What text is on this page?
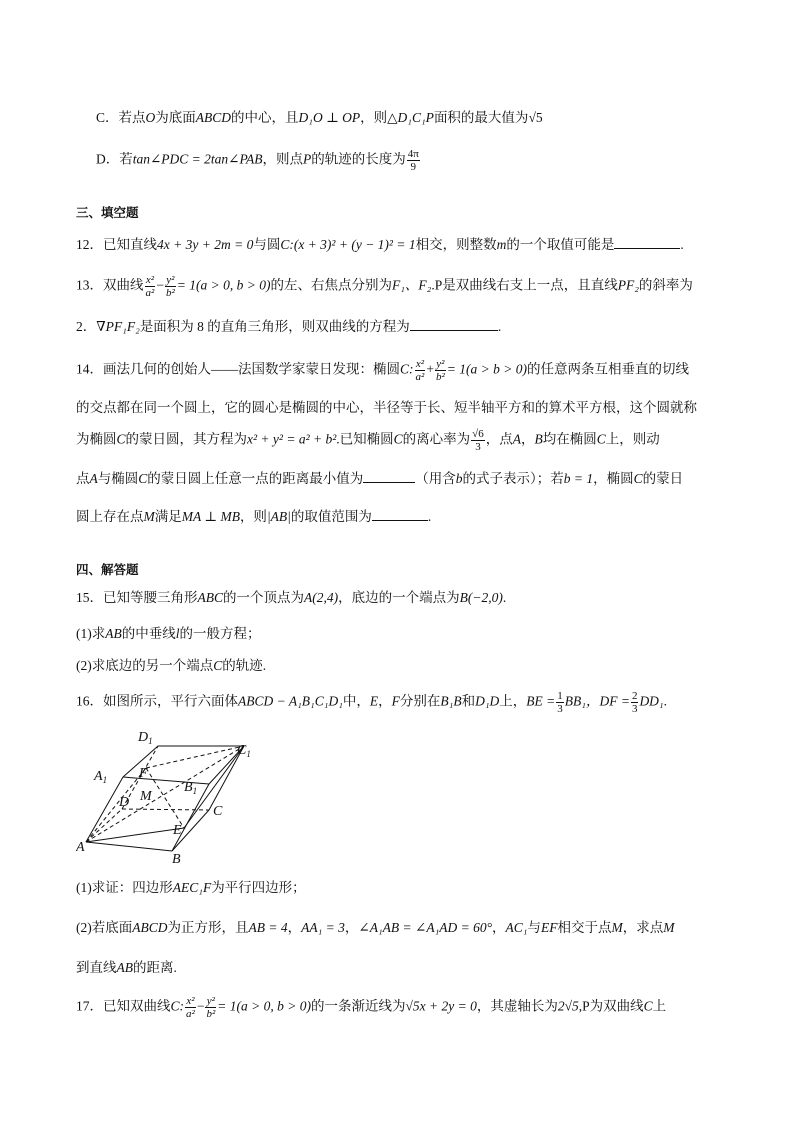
C．若点O为底面ABCD的中心，且D₁O ⊥ OP，则△D₁C₁P面积的最大值为√5
D．若tan∠PDC = 2tan∠PAB，则点P的轨迹的长度为 $\frac{4\pi}{9}$
三、填空题
12．已知直线4x + 3y + 2m = 0与圆C:(x + 3)² + (y − 1)² = 1相交，则整数m的一个取值可能是	.
13．双曲线 $\frac{\text{x²}}{\text{a²}} - \frac{\text{y²}}{\text{b²}} = 1(a > 0$, b > 0)的左、右焦点分别为F₁、F₂.P是双曲线右支上一点，且直线PF₂的斜率为
2．∇PF₁F₂是面积为 8 的直角三角形，则双曲线的方程为	.
14．画法几何的创始人——法国数学家蒙日发现：椭圆C: $\frac{\text{x²}}{\text{a²}} + \frac{\text{y²}}{\text{b²}} = 1(a > b > 0)$的任意两条互相垂直的切线
的交点都在同一个圆上，它的圆心是椭圆的中心，半径等于长、短半轴平方和的算术平方根，这个圆就称
为椭圆C的蒙日圆，其方程为x² + y² = a² + b².已知椭圆C的离心率为 $\frac{√6}{3}$ ，点A，B均在椭圆C上，则动
点A与椭圆C的蒙日圆上任意一点的距离最小值为	（用含b的式子表示）；若b = 1，椭圆C的蒙日
圆上存在点M满足MA ⊥ MB，则|AB|的取值范围为	.
四、解答题
15．已知等腰三角形ABC的一个顶点为A(2,4)，底边的一个端点为B(−2,0).
(1)求AB的中垂线l的一般方程；
(2)求底边的另一个端点C的轨迹.
16．如图所示，平行六面体ABCD − A₁B₁C₁D₁中，E，F分别在B₁B和D₁D上，BE = $\frac{1}{3} BB_1$，DF = $\frac{2}{3} DD_1$.
$D_1$
$C_1$
$A_1$	$B_1$
F
D M
C
E
A
B
(1)求证：四边形AEC₁F为平行四边形；
(2)若底面ABCD为正方形，且AB = 4，AA₁ = 3，∠A₁AB = ∠A₁AD = 60°，AC₁与EF相交于点M，求点M
到直线AB的距离.
17．已知双曲线C: $\frac{\text{x²}}{\text{a²}} - \frac{\text{y²}}{\text{b²}} = 1(a > 0$, b > 0)的一条渐近线为√5x + 2y = 0，其虚轴长为2√5,P为双曲线C上
